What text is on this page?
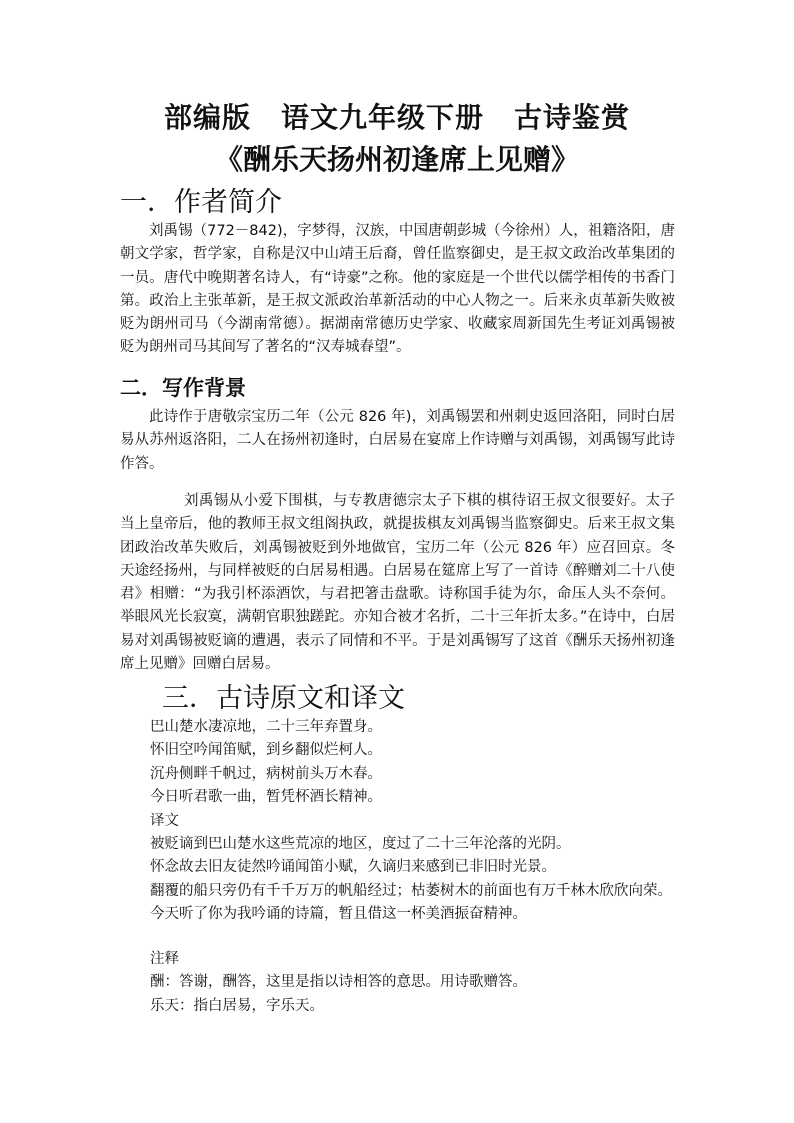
部编版 语文九年级下册 古诗鉴赏
《酬乐天扬州初逢席上见赠》
一．作者简介
刘禹锡（772－842)，字梦得，汉族，中国唐朝彭城（今徐州）人，祖籍洛阳，唐朝文学家，哲学家，自称是汉中山靖王后裔，曾任监察御史，是王叔文政治改革集团的一员。唐代中晚期著名诗人，有“诗豪”之称。他的家庭是一个世代以儒学相传的书香门第。政治上主张革新，是王叔文派政治革新活动的中心人物之一。后来永贞革新失败被贬为朗州司马（今湖南常德）。据湖南常德历史学家、收藏家周新国先生考证刘禹锡被贬为朗州司马其间写了著名的“汉寿城春望”。
二．写作背景
此诗作于唐敬宗宝历二年（公元 826 年)，刘禹锡罢和州刺史返回洛阳，同时白居易从苏州返洛阳，二人在扬州初逢时，白居易在宴席上作诗赠与刘禹锡，刘禹锡写此诗作答。
刘禹锡从小爱下围棋，与专教唐德宗太子下棋的棋待诏王叔文很要好。太子当上皇帝后，他的教师王叔文组阁执政，就提拔棋友刘禹锡当监察御史。后来王叔文集团政治改革失败后，刘禹锡被贬到外地做官，宝历二年（公元 826 年）应召回京。冬天途经扬州，与同样被贬的白居易相遇。白居易在筵席上写了一首诗《醉赠刘二十八使君》相赠：“为我引杯添酒饮，与君把箸击盘歌。诗称国手徒为尔，命压人头不奈何。举眼风光长寂寞，满朝官职独蹉跎。亦知合被才名折，二十三年折太多。”在诗中，白居易对刘禹锡被贬谪的遭遇，表示了同情和不平。于是刘禹锡写了这首《酬乐天扬州初逢席上见赠》回赠白居易。
三．古诗原文和译文
巴山楚水凄凉地，二十三年弃置身。
怀旧空吟闻笛赋，到乡翻似烂柯人。
沉舟侧畔千帆过，病树前头万木春。
今日听君歌一曲，暂凭杯酒长精神。
译文
被贬谪到巴山楚水这些荒凉的地区，度过了二十三年沦落的光阴。
怀念故去旧友徒然吟诵闻笛小赋，久谪归来感到已非旧时光景。
翻覆的船只旁仍有千千万万的帆船经过；枯萎树木的前面也有万千林木欣欣向荣。
今天听了你为我吟诵的诗篇，暂且借这一杯美酒振奋精神。
注释
酬：答谢，酬答，这里是指以诗相答的意思。用诗歌赠答。
乐天：指白居易，字乐天。
